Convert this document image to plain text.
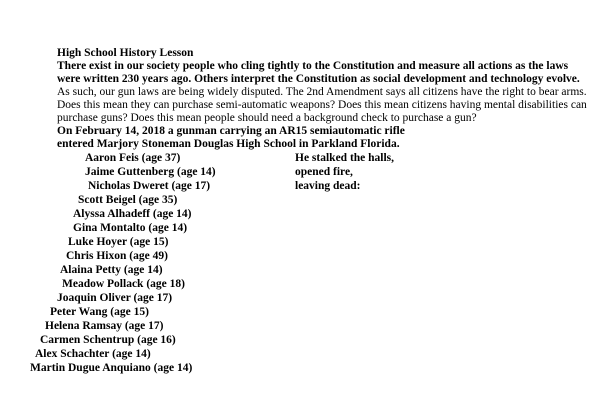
High School History Lesson
There exist in our society people who cling tightly to the Constitution and measure all actions as the laws
were written 230 years ago. Others interpret the Constitution as social development and technology evolve.
As such, our gun laws are being widely disputed. The 2nd Amendment says all citizens have the right to bear arms.
Does this mean they can purchase semi-automatic weapons? Does this mean citizens having mental disabilities can
purchase guns? Does this mean people should need a background check to purchase a gun?
On February 14, 2018 a gunman carrying an AR15 semiautomatic rifle
entered Marjory Stoneman Douglas High School in Parkland Florida.
Aaron Feis (age 37)	He stalked the halls,
Jaime Guttenberg (age 14)	opened fire,
Nicholas Dweret (age 17)	leaving dead:
Scott Beigel (age 35)
Alyssa Alhadeff (age 14)
Gina Montalto (age 14)
Luke Hoyer (age 15)
Chris Hixon (age 49)
Alaina Petty (age 14)
Meadow Pollack (age 18)
Joaquin Oliver (age 17)
Peter Wang (age 15)
Helena Ramsay (age 17)
Carmen Schentrup (age 16)
Alex Schachter (age 14)
Martin Dugue Anquiano (age 14)
